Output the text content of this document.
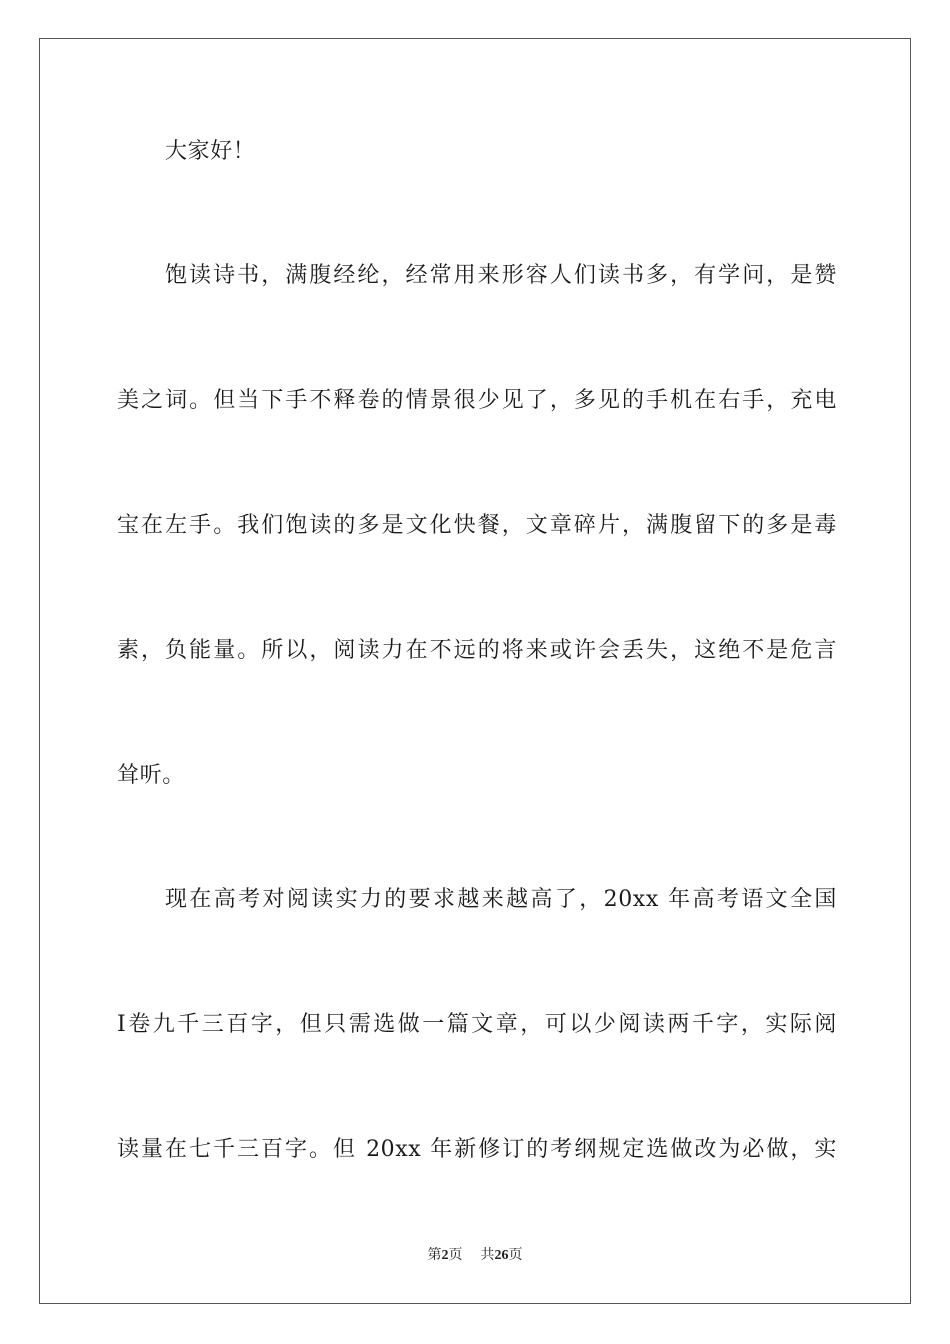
大家好！
饱读诗书，满腹经纶，经常用来形容人们读书多，有学问，是赞
美之词。但当下手不释卷的情景很少见了，多见的手机在右手，充电
宝在左手。我们饱读的多是文化快餐，文章碎片，满腹留下的多是毒
素，负能量。所以，阅读力在不远的将来或许会丢失，这绝不是危言
耸听。
现在高考对阅读实力的要求越来越高了，20xx 年高考语文全国
Ⅰ卷九千三百字，但只需选做一篇文章，可以少阅读两千字，实际阅
读量在七千三百字。但 20xx 年新修订的考纲规定选做改为必做，实
第2页 共26页
